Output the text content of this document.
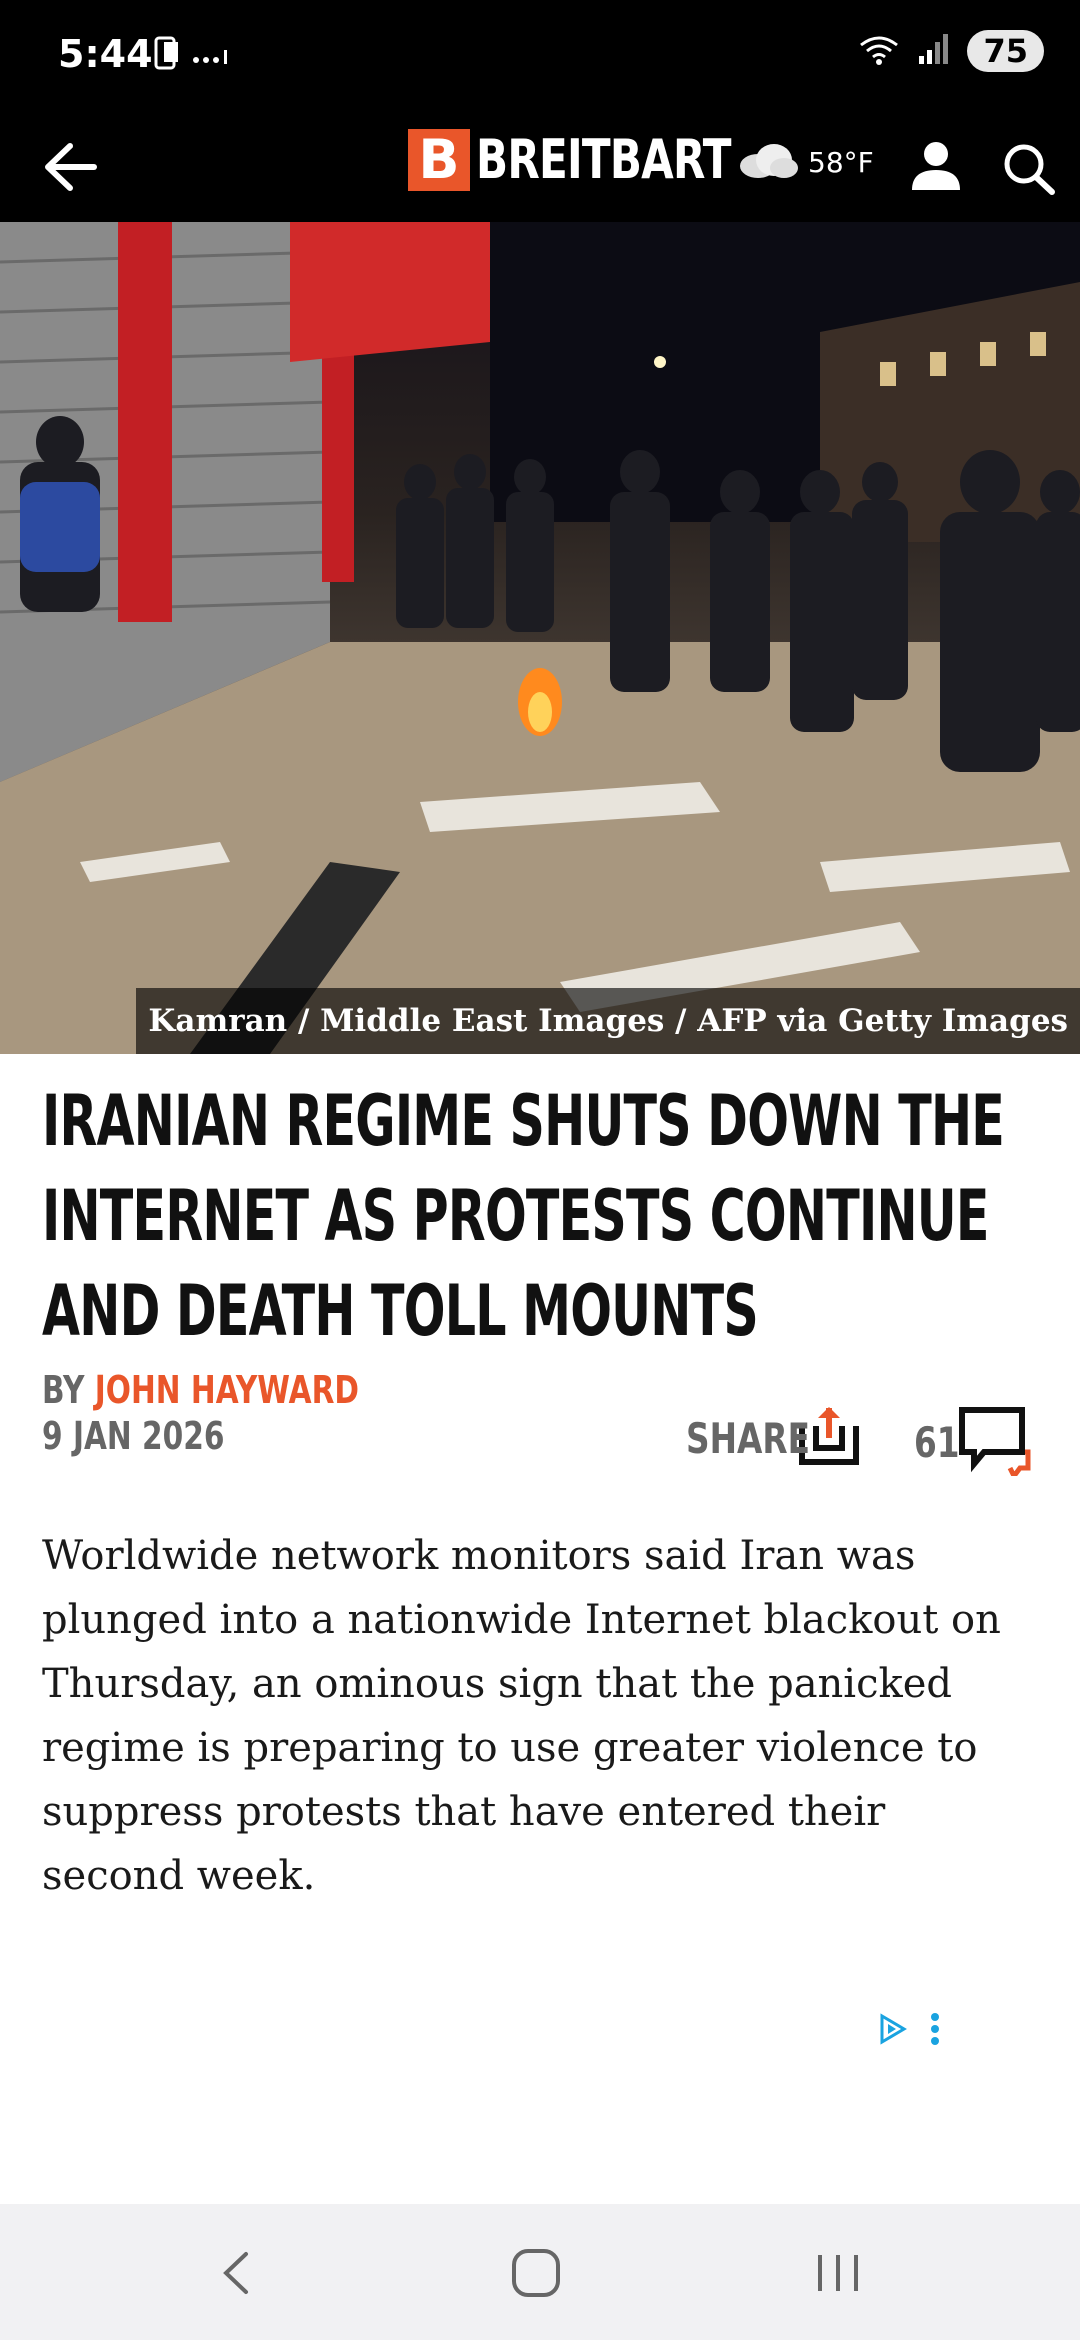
5:44	75
B BREITBART	58°F
Kamran / Middle East Images / AFP via Getty Images
IRANIAN REGIME SHUTS DOWN THE INTERNET AS PROTESTS CONTINUE AND DEATH TOLL MOUNTS
BY JOHN HAYWARD
9 JAN 2026	SHARE 61

Worldwide network monitors said Iran was plunged into a nationwide Internet blackout on Thursday, an ominous sign that the panicked regime is preparing to use greater violence to suppress protests that have entered their second week.
